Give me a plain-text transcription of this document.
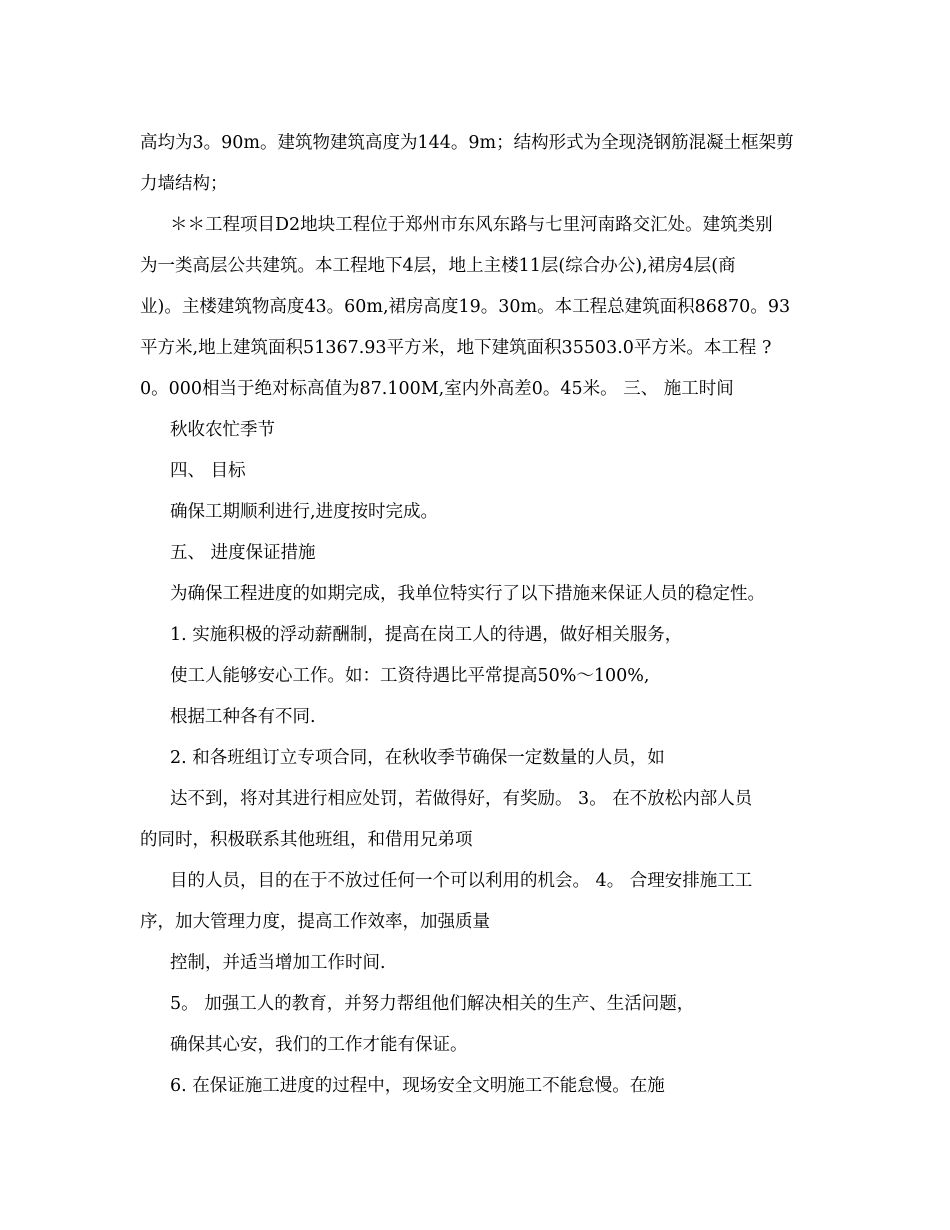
高均为3。90m。建筑物建筑高度为144。9m；结构形式为全现浇钢筋混凝土框架剪
力墙结构；
＊＊工程项目D2地块工程位于郑州市东风东路与七里河南路交汇处。建筑类别
为一类高层公共建筑。本工程地下4层，地上主楼11层(综合办公),裙房4层(商
业)。主楼建筑物高度43。60m,裙房高度19。30m。本工程总建筑面积86870。93
平方米,地上建筑面积51367.93平方米，地下建筑面积35503.0平方米。本工程 ?
0。000相当于绝对标高值为87.100M,室内外高差0。45米。 三、 施工时间
秋收农忙季节
四、 目标
确保工期顺利进行,进度按时完成。
五、 进度保证措施
为确保工程进度的如期完成，我单位特实行了以下措施来保证人员的稳定性。
1. 实施积极的浮动薪酬制，提高在岗工人的待遇，做好相关服务，
使工人能够安心工作。如：工资待遇比平常提高50%～100%,
根据工种各有不同.
2. 和各班组订立专项合同，在秋收季节确保一定数量的人员，如
达不到，将对其进行相应处罚，若做得好，有奖励。 3。 在不放松内部人员
的同时，积极联系其他班组，和借用兄弟项
目的人员，目的在于不放过任何一个可以利用的机会。 4。 合理安排施工工
序，加大管理力度，提高工作效率，加强质量
控制，并适当增加工作时间.
5。 加强工人的教育，并努力帮组他们解决相关的生产、生活问题，
确保其心安，我们的工作才能有保证。
6. 在保证施工进度的过程中，现场安全文明施工不能怠慢。在施
